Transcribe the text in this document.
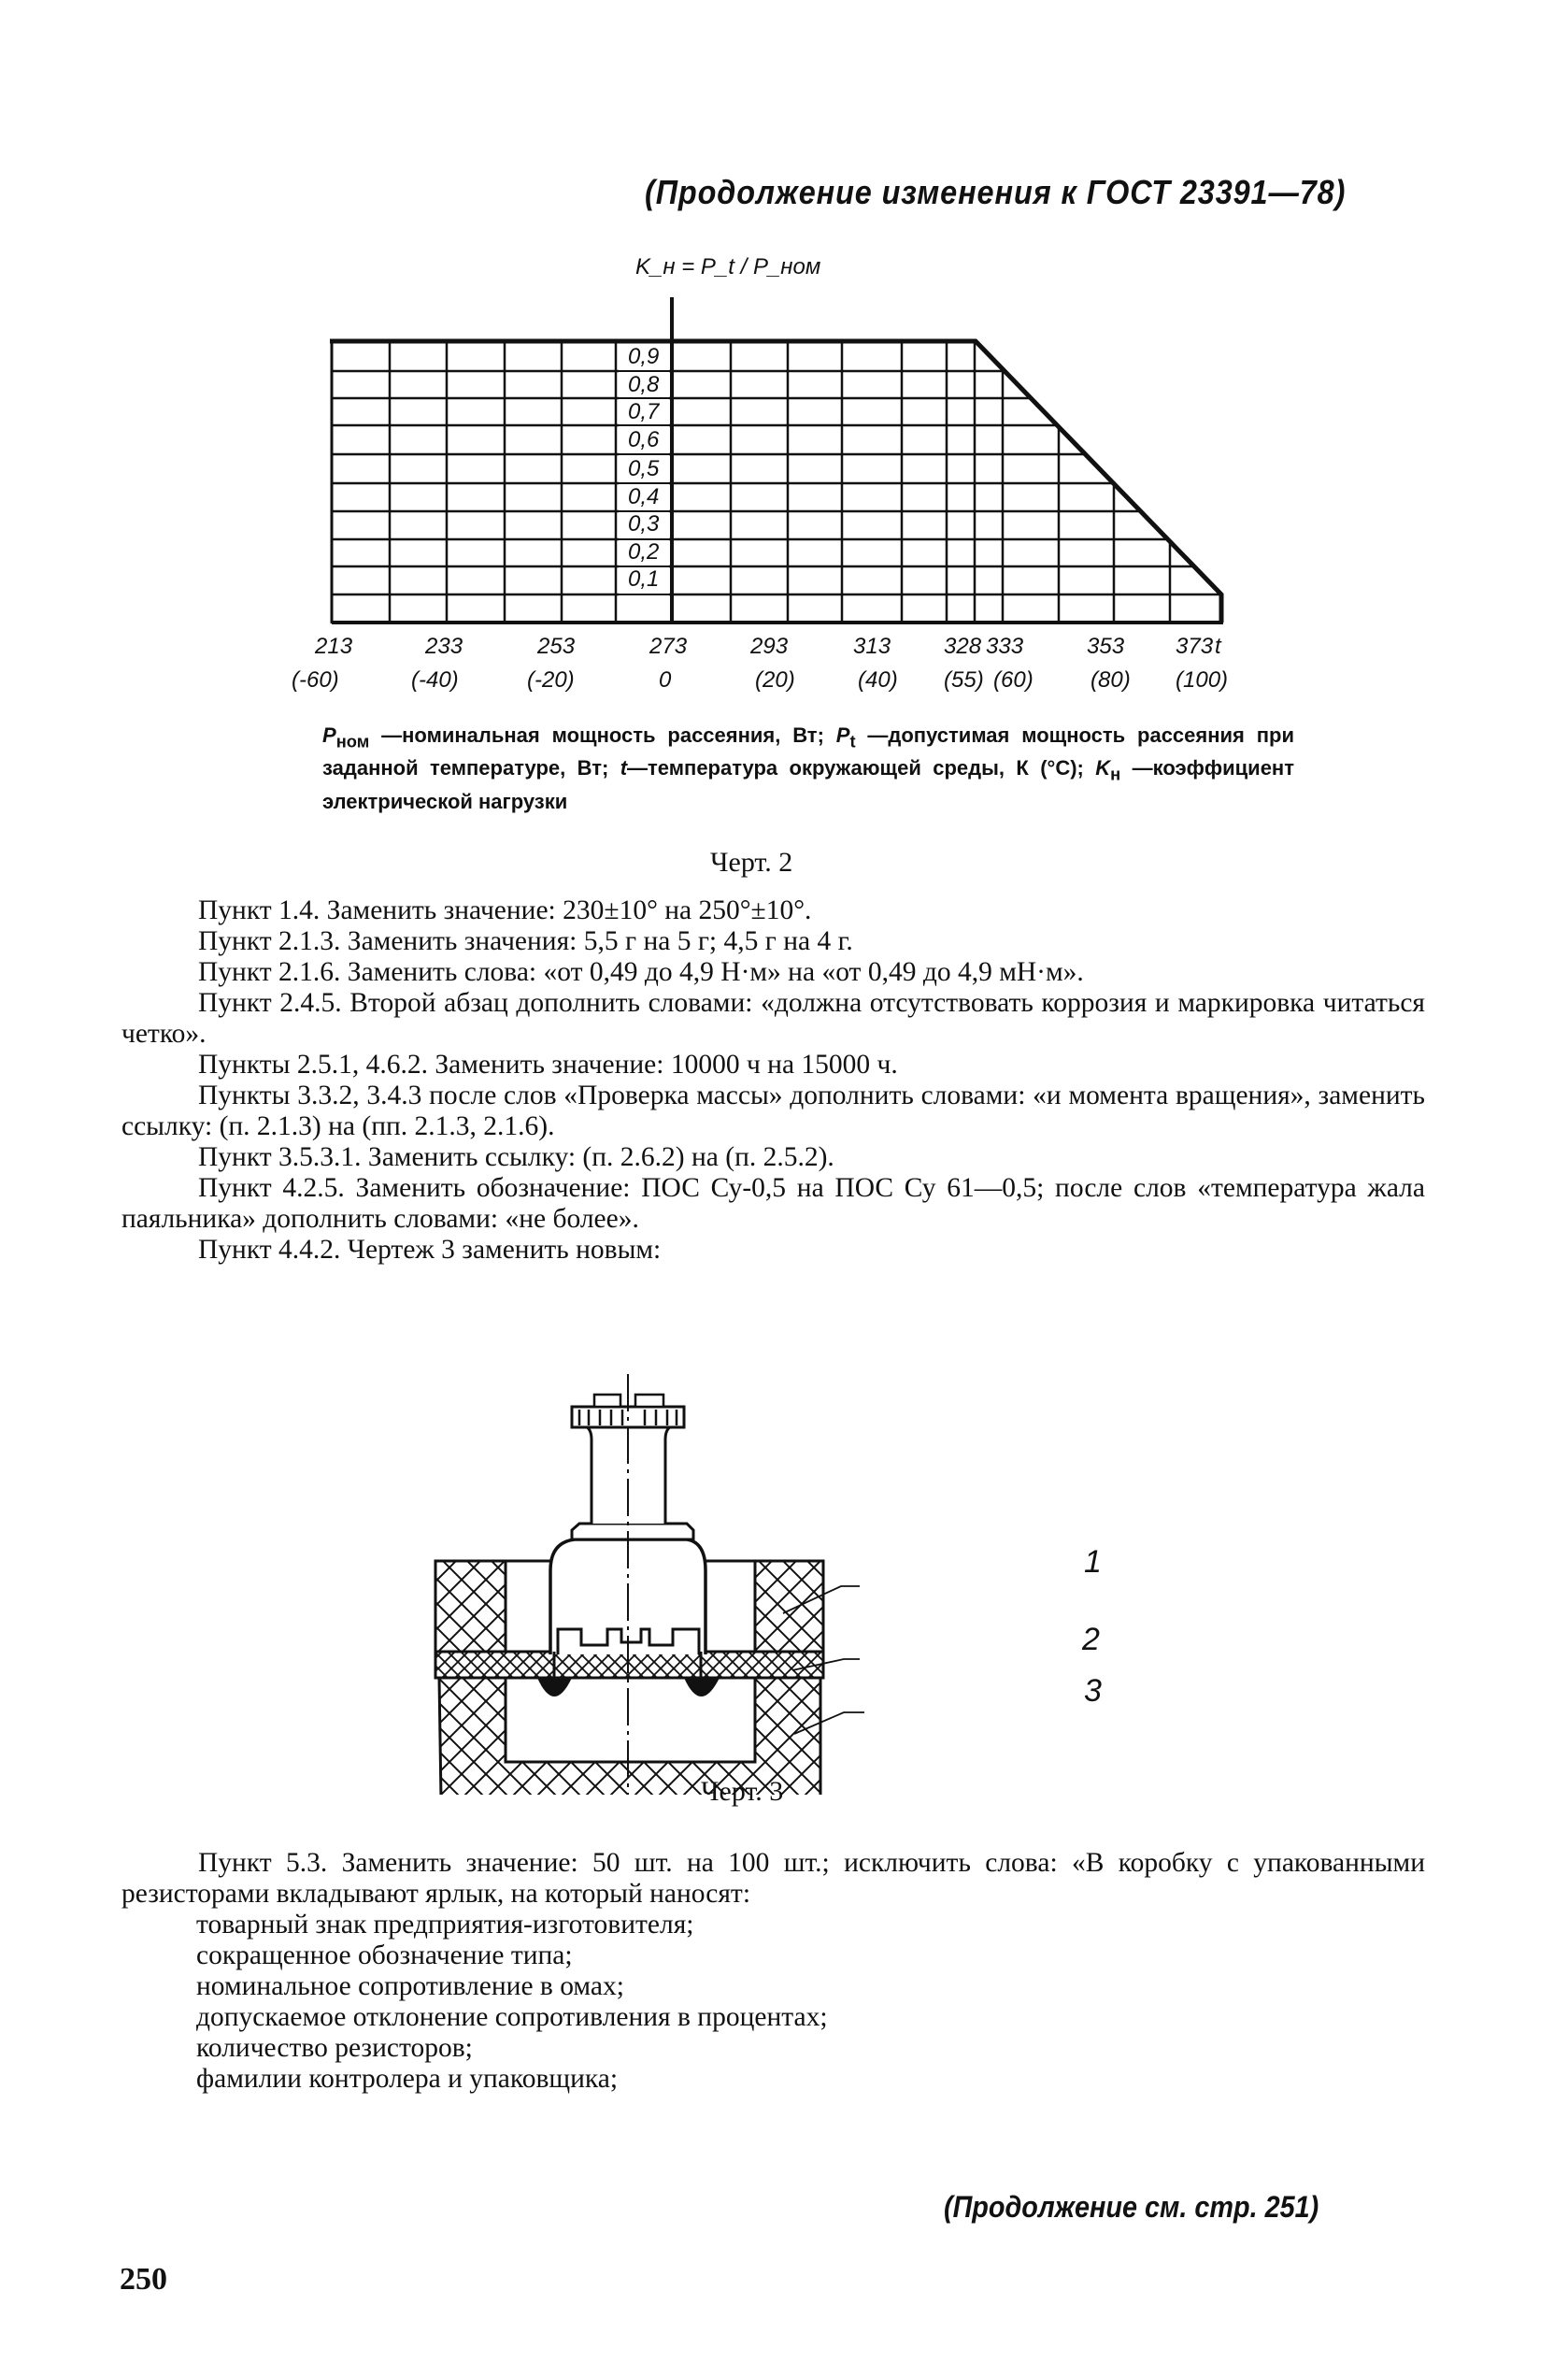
(Продолжение изменения к ГОСТ 23391—78)
K_н = P_t / P_ном
0,9
0,8
0,7
0,6
0,5
0,4
0,3
0,2
0,1
213	233	253	273	293	313 328 333	353 373 t
(-60)	(-40)	(-20)	0	(20)	(40) (55) (60)	(80) (100)
$P_{ном}$ —номинальная мощность рассеяния, Вт; $P_t$ —допустимая мощность рассеяния при заданной температуре, Вт; t—температура окружающей среды, К (°С); $K_н$ —коэффициент электрической нагрузки
Черт. 2

Пункт 1.4. Заменить значение: 230±10° на 250°±10°.

Пункт 2.1.3. Заменить значения: 5,5 г на 5 г; 4,5 г на 4 г.

Пункт 2.1.6. Заменить слова: «от 0,49 до 4,9 Н·м» на «от 0,49 до 4,9 мН·м».

Пункт 2.4.5. Второй абзац дополнить словами: «должна отсутствовать коррозия и маркировка читаться четко».

Пункты 2.5.1, 4.6.2. Заменить значение: 10000 ч на 15000 ч.

Пункты 3.3.2, 3.4.3 после слов «Проверка массы» дополнить словами: «и момента вращения», заменить ссылку: (п. 2.1.3) на (пп. 2.1.3, 2.1.6).

Пункт 3.5.3.1. Заменить ссылку: (п. 2.6.2) на (п. 2.5.2).

Пункт 4.2.5. Заменить обозначение: ПОС Су-0,5 на ПОС Су 61—0,5; после слов «температура жала паяльника» дополнить словами: «не более».

Пункт 4.4.2. Чертеж 3 заменить новым:

1
2
3
Черт. 3

Пункт 5.3. Заменить значение: 50 шт. на 100 шт.; исключить слова: «В коробку с упакованными резисторами вкладывают ярлык, на который наносят:

товарный знак предприятия-изготовителя;
сокращенное обозначение типа;
номинальное сопротивление в омах;
допускаемое отклонение сопротивления в процентах;
количество резисторов;
фамилии контролера и упаковщика;
(Продолжение см. стр. 251)
250
